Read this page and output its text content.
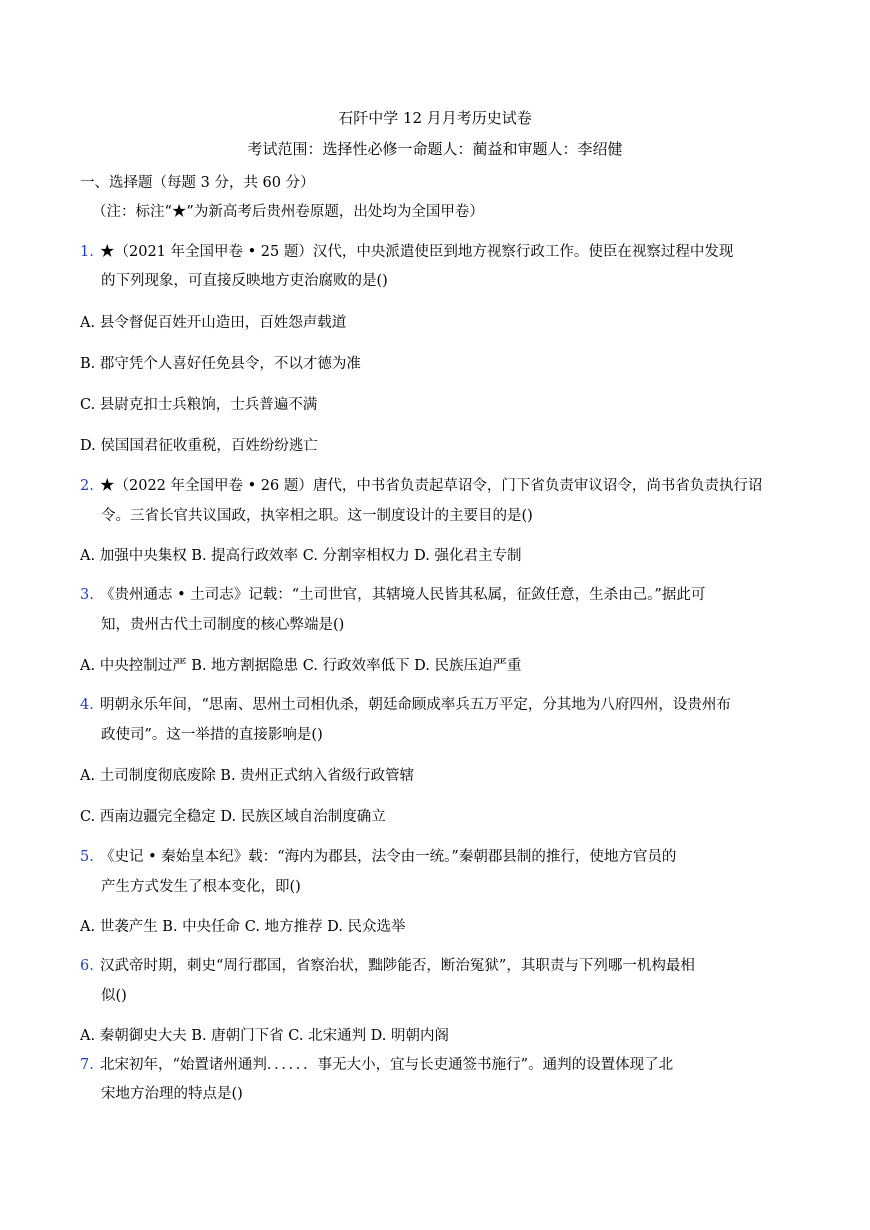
石阡中学 12 月月考历史试卷
考试范围：选择性必修一命题人：蔺益和审题人：李绍健
一、选择题（每题 3 分，共 60 分）
（注：标注“★”为新高考后贵州卷原题，出处均为全国甲卷）
1. ★（2021 年全国甲卷 • 25 题）汉代，中央派遣使臣到地方视察行政工作。使臣在视察过程中发现
的下列现象，可直接反映地方吏治腐败的是()
A. 县令督促百姓开山造田，百姓怨声载道
B. 郡守凭个人喜好任免县令，不以才德为准
C. 县尉克扣士兵粮饷，士兵普遍不满
D. 侯国国君征收重税，百姓纷纷逃亡
2. ★（2022 年全国甲卷 • 26 题）唐代，中书省负责起草诏令，门下省负责审议诏令，尚书省负责执行诏
令。三省长官共议国政，执宰相之职。这一制度设计的主要目的是()
A. 加强中央集权 B. 提高行政效率 C. 分割宰相权力 D. 强化君主专制
3. 《贵州通志 • 土司志》记载：“土司世官，其辖境人民皆其私属，征敛任意，生杀由己。”据此可
知，贵州古代土司制度的核心弊端是()
A. 中央控制过严 B. 地方割据隐患 C. 行政效率低下 D. 民族压迫严重
4. 明朝永乐年间，“思南、思州土司相仇杀，朝廷命顾成率兵五万平定，分其地为八府四州，设贵州布
政使司”。这一举措的直接影响是()
A. 土司制度彻底废除 B. 贵州正式纳入省级行政管辖
C. 西南边疆完全稳定 D. 民族区域自治制度确立
5. 《史记 • 秦始皇本纪》载：“海内为郡县，法令由一统。”秦朝郡县制的推行，使地方官员的
产生方式发生了根本变化，即()
A. 世袭产生 B. 中央任命 C. 地方推荐 D. 民众选举
6. 汉武帝时期，刺史“周行郡国，省察治状，黜陟能否，断治冤狱”，其职责与下列哪一机构最相
似()
A. 秦朝御史大夫 B. 唐朝门下省 C. 北宋通判 D. 明朝内阁
7. 北宋初年，“始置诸州通判．．．．．．事无大小，宜与长吏通签书施行”。通判的设置体现了北
宋地方治理的特点是()
